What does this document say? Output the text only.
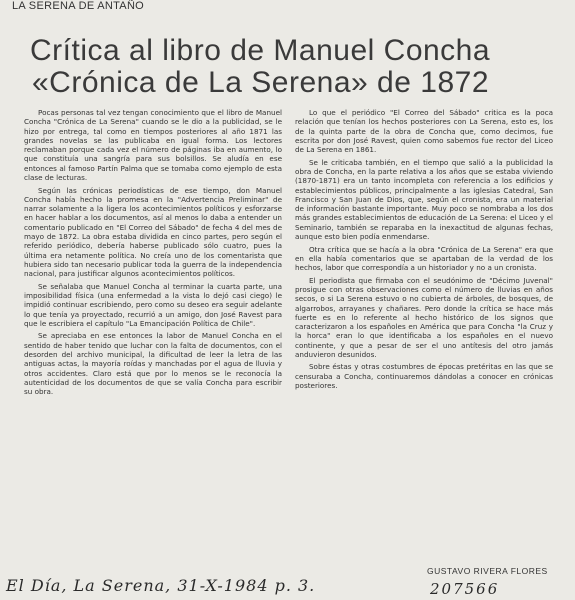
LA SERENA DE ANTAÑO
Crítica al libro de Manuel Concha
«Crónica de La Serena» de 1872

Pocas personas tal vez tengan conocimiento que el libro de Manuel Concha "Crónica de La Serena" cuando se le dio a la publicidad, se le hizo por entrega, tal como en tiempos posteriores al año 1871 las grandes novelas se las publicaba en igual forma. Los lectores reclamaban porque cada vez el número de páginas iba en aumento, lo que constituía una sangría para sus bolsillos. Se aludía en ese entonces al famoso Partín Palma que se tomaba como ejemplo de esta clase de lecturas.

Según las crónicas periodísticas de ese tiempo, don Manuel Concha había hecho la promesa en la "Advertencia Preliminar" de narrar solamente a la ligera los acontecimientos políticos y esforzarse en hacer hablar a los documentos, así al menos lo daba a entender un comentario publicado en "El Correo del Sábado" de fecha 4 del mes de mayo de 1872. La obra estaba dividida en cinco partes, pero según el referido periódico, debería haberse publicado sólo cuatro, pues la última era netamente política. No creía uno de los comentarista que hubiera sido tan necesario publicar toda la guerra de la independencia nacional, para justificar algunos acontecimientos políticos.

Se señalaba que Manuel Concha al terminar la cuarta parte, una imposibilidad física (una enfermedad a la vista lo dejó casi ciego) le impidió continuar escribiendo, pero como su deseo era seguir adelante lo que tenía ya proyectado, recurrió a un amigo, don José Ravest para que le escribiera el capítulo "La Emancipación Política de Chile".

Se apreciaba en ese entonces la labor de Manuel Concha en el sentido de haber tenido que luchar con la falta de documentos, con el desorden del archivo municipal, la dificultad de leer la letra de las antiguas actas, la mayoría roídas y manchadas por el agua de lluvia y otros accidentes. Claro está que por lo menos se le reconocía la autenticidad de los documentos de que se valía Concha para escribir su obra.

Lo que el periódico "El Correo del Sábado" critica es la poca relación que tenían los hechos posteriores con La Serena, esto es, los de la quinta parte de la obra de Concha que, como decimos, fue escrita por don José Ravest, quien como sabemos fue rector del Liceo de La Serena en 1861.

Se le criticaba también, en el tiempo que salió a la publicidad la obra de Concha, en la parte relativa a los años que se estaba viviendo (1870-1871) era un tanto incompleta con referencia a los edificios y establecimientos públicos, principalmente a las iglesias Catedral, San Francisco y San Juan de Dios, que, según el cronista, era un material de información bastante importante. Muy poco se nombraba a los dos más grandes establecimientos de educación de La Serena: el Liceo y el Seminario, también se reparaba en la inexactitud de algunas fechas, aunque esto bien podía enmendarse.

Otra crítica que se hacía a la obra "Crónica de La Serena" era que en ella había comentarios que se apartaban de la verdad de los hechos, labor que correspondía a un historiador y no a un cronista.

El periodista que firmaba con el seudónimo de "Décimo Juvenal" prosigue con otras observaciones como el número de lluvias en años secos, o si La Serena estuvo o no cubierta de árboles, de bosques, de algarrobos, arrayanes y chañares. Pero donde la crítica se hace más fuerte es en lo referente al hecho histórico de los signos que caracterizaron a los españoles en América que para Concha "la Cruz y la horca" eran lo que identificaba a los españoles en el nuevo continente, y que a pesar de ser el uno antítesis del otro jamás anduvieron desunidos.

Sobre éstas y otras costumbres de épocas pretéritas en las que se censuraba a Concha, continuaremos dándolas a conocer en crónicas posteriores.

GUSTAVO RIVERA FLORES
El Día, La Serena, 31-X-1984 p. 3.	207566
